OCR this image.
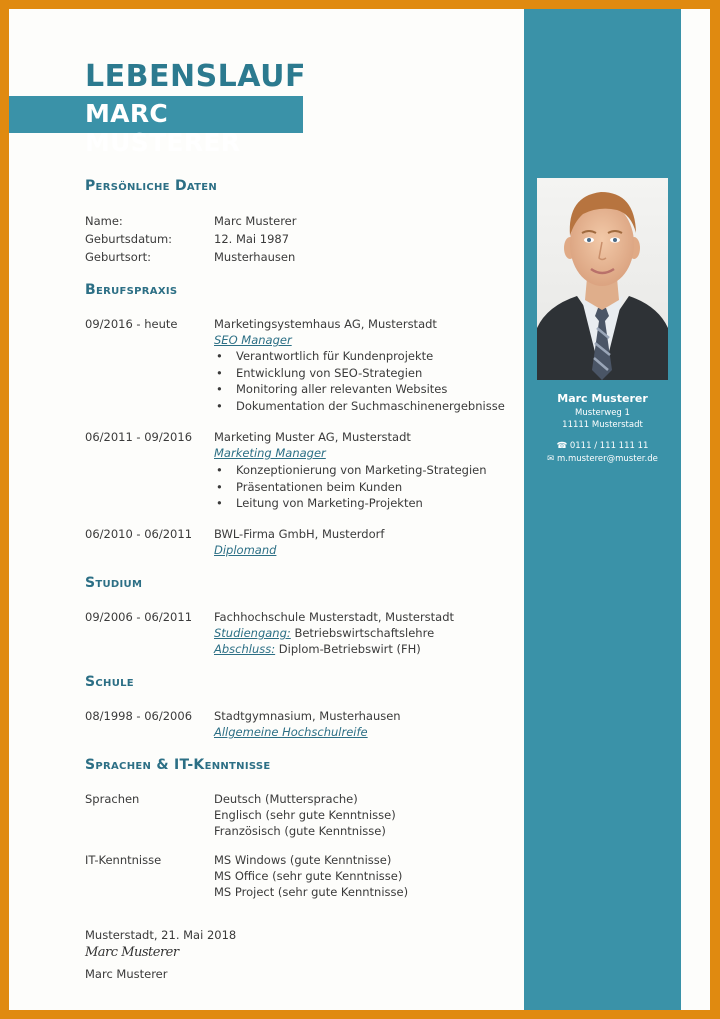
LEBENSLAUF
MARC MUSTERER
Persönliche Daten
Name:	Marc Musterer
Geburtsdatum:	12. Mai 1987
Geburtsort:	Musterhausen
Berufspraxis
09/2016 - heute	Marketingsystemhaus AG, Musterstadt
SEO Manager
• Verantwortlich für Kundenprojekte
• Entwicklung von SEO-Strategien
• Monitoring aller relevanten Websites
• Dokumentation der Suchmaschinenergebnisse
06/2011 - 09/2016 Marketing Muster AG, Musterstadt
Marketing Manager
• Konzeptionierung von Marketing-Strategien
• Präsentationen beim Kunden
• Leitung von Marketing-Projekten
06/2010 - 06/2011 BWL-Firma GmbH, Musterdorf
Diplomand
Studium
09/2006 - 06/2011 Fachhochschule Musterstadt, Musterstadt
Studiengang: Betriebswirtschaftslehre
Abschluss: Diplom-Betriebswirt (FH)
Schule
08/1998 - 06/2006 Stadtgymnasium, Musterhausen
Allgemeine Hochschulreife
Sprachen & IT-Kenntnisse
Sprachen	Deutsch (Muttersprache)
Englisch (sehr gute Kenntnisse)
Französisch (gute Kenntnisse)
IT-Kenntnisse	MS Windows (gute Kenntnisse)
MS Office (sehr gute Kenntnisse)
MS Project (sehr gute Kenntnisse)
Musterstadt, 21. Mai 2018
Marc Musterer
Marc Musterer
Marc Musterer
Musterweg 1
11111 Musterstadt
☎ 0111 / 111 111 11
✉ m.musterer@muster.de
